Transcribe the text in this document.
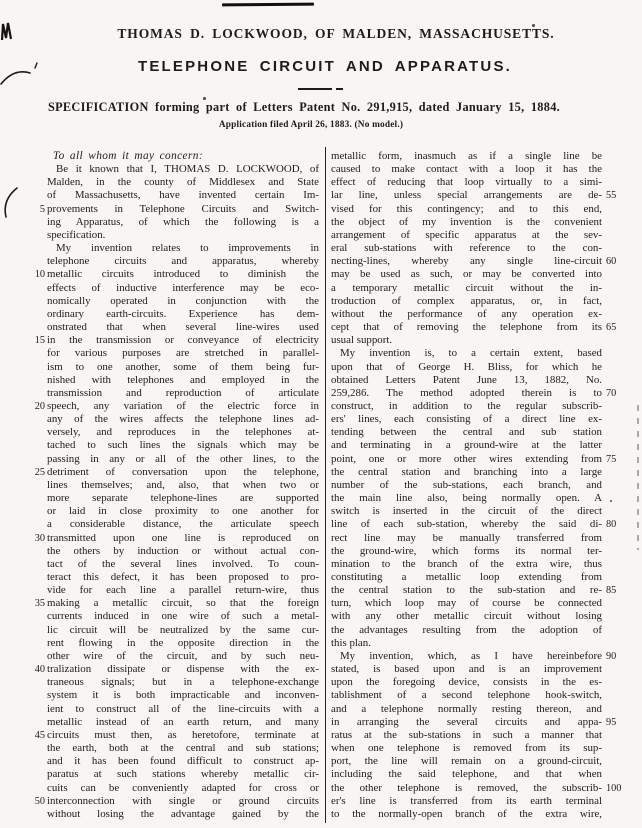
THOMAS D. LOCKWOOD, OF MALDEN, MASSACHUSETTS.
TELEPHONE CIRCUIT AND APPARATUS.
SPECIFICATION forming part of Letters Patent No. 291,915, dated January 15, 1884.
Application filed April 26, 1883. (No model.)
5
10
15
20
25
30
35
40
45
50
To all whom it may concern:
Be it known that I, THOMAS D. LOCKWOOD, of
Malden, in the county of Middlesex and State
of Massachusetts, have invented certain Im-
provements in Telephone Circuits and Switch-
ing Apparatus, of which the following is a
specification.
My invention relates to improvements in
telephone circuits and apparatus, whereby
metallic circuits introduced to diminish the
effects of inductive interference may be eco-
nomically operated in conjunction with the
ordinary earth-circuits. Experience has dem-
onstrated that when several line-wires used
in the transmission or conveyance of electricity
for various purposes are stretched in parallel-
ism to one another, some of them being fur-
nished with telephones and employed in the
transmission and reproduction of articulate
speech, any variation of the electric force in
any of the wires affects the telephone lines ad-
versely, and reproduces in the telephones at-
tached to such lines the signals which may be
passing in any or all of the other lines, to the
detriment of conversation upon the telephone,
lines themselves; and, also, that when two or
more separate telephone-lines are supported
or laid in close proximity to one another for
a considerable distance, the articulate speech
transmitted upon one line is reproduced on
the others by induction or without actual con-
tact of the several lines involved. To coun-
teract this defect, it has been proposed to pro-
vide for each line a parallel return-wire, thus
making a metallic circuit, so that the foreign
currents induced in one wire of such a metal-
lic circuit will be neutralized by the same cur-
rent flowing in the opposite direction in the
other wire of the circuit, and by such neu-
tralization dissipate or dispense with the ex-
traneous signals; but in a telephone-exchange
system it is both impracticable and inconven-
ient to construct all of the line-circuits with a
metallic instead of an earth return, and many
circuits must then, as heretofore, terminate at
the earth, both at the central and sub stations;
and it has been found difficult to construct ap-
paratus at such stations whereby metallic cir-
cuits can be conveniently adapted for cross or
interconnection with single or ground circuits
without losing the advantage gained by the
metallic form, inasmuch as if a single line be
caused to make contact with a loop it has the
effect of reducing that loop virtually to a simi-
lar line, unless special arrangements are de-
vised for this contingency; and to this end,
the object of my invention is the convenient
arrangement of specific apparatus at the sev-
eral sub-stations with reference to the con-
necting-lines, whereby any single line-circuit
may be used as such, or may be converted into
a temporary metallic circuit without the in-
troduction of complex apparatus, or, in fact,
without the performance of any operation ex-
cept that of removing the telephone from its
usual support.
My invention is, to a certain extent, based
upon that of George H. Bliss, for which he
obtained Letters Patent June 13, 1882, No.
259,286. The method adopted therein is to
construct, in addition to the regular subscrib-
ers' lines, each consisting of a direct line ex-
tending between the central and sub station
and terminating in a ground-wire at the latter
point, one or more other wires extending from
the central station and branching into a large
number of the sub-stations, each branch, and
the main line also, being normally open. A
switch is inserted in the circuit of the direct
line of each sub-station, whereby the said di-
rect line may be manually transferred from
the ground-wire, which forms its normal ter-
mination to the branch of the extra wire, thus
constituting a metallic loop extending from
the central station to the sub-station and re-
turn, which loop may of course be connected
with any other metallic circuit without losing
the advantages resulting from the adoption of
this plan.
My invention, which, as I have hereinbefore
stated, is based upon and is an improvement
upon the foregoing device, consists in the es-
tablishment of a second telephone hook-switch,
and a telephone normally resting thereon, and
in arranging the several circuits and appa-
ratus at the sub-stations in such a manner that
when one telephone is removed from its sup-
port, the line will remain on a ground-circuit,
including the said telephone, and that when
the other telephone is removed, the subscrib-
er's line is transferred from its earth terminal
to the normally-open branch of the extra wire,
55
60
65
70
75
80
85
90
95
100
